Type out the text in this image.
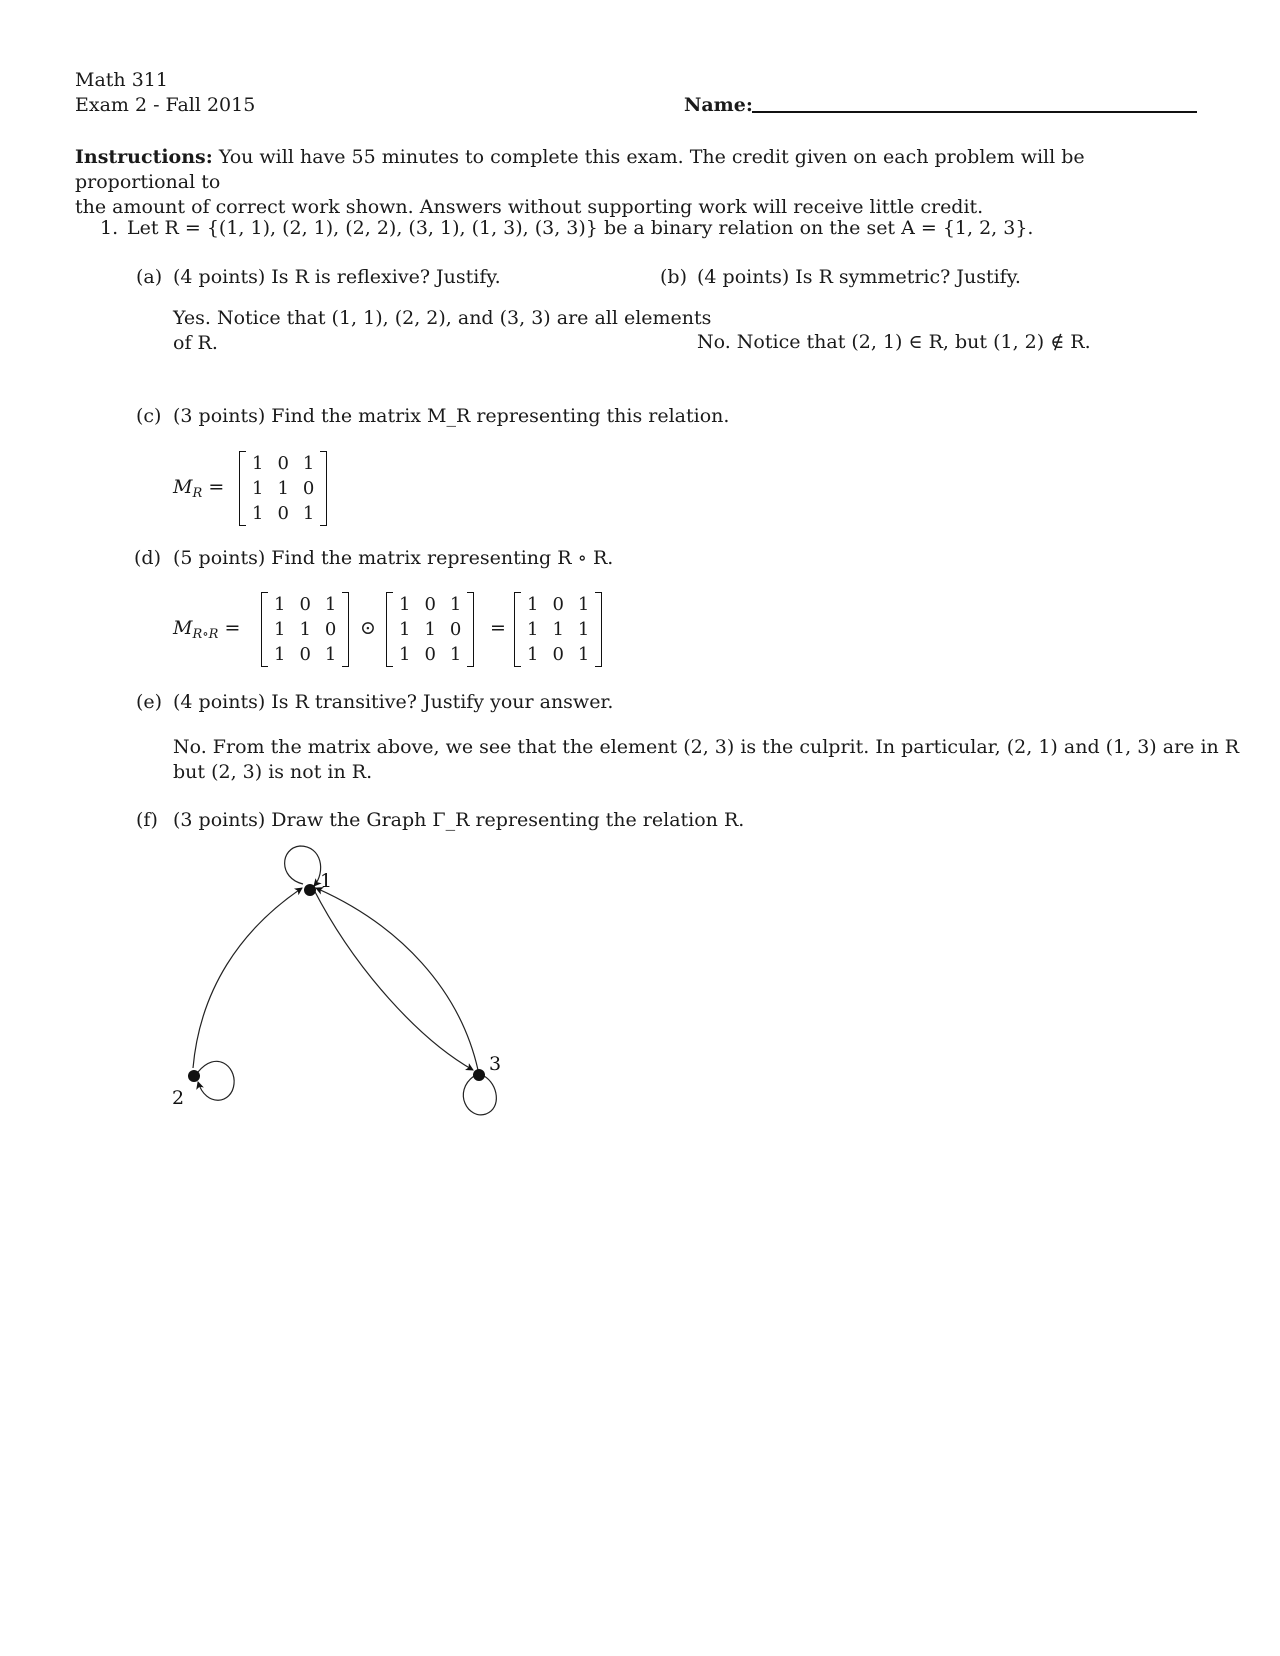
Math 311
Exam 2 - Fall 2015	Name:
Instructions: You will have 55 minutes to complete this exam. The credit given on each problem will be proportional to
the amount of correct work shown. Answers without supporting work will receive little credit.
1. Let R = {(1, 1), (2, 1), (2, 2), (3, 1), (1, 3), (3, 3)} be a binary relation on the set A = {1, 2, 3}.
(a) (4 points) Is R is reflexive? Justify.
Yes. Notice that (1, 1), (2, 2), and (3, 3) are all elements
of R.
(b) (4 points) Is R symmetric? Justify.
No. Notice that (2, 1) ∈ R, but (1, 2) ∉ R.
(c) (3 points) Find the matrix M_R representing this relation.
$M_R$ =
1	0	1
1	1	0
1	0	1
(d) (5 points) Find the matrix representing R ∘ R.
$M_{R\circ R}$ =
1	0	1
1	1	0
1	0	1
⊙
1	0	1
1	1	0
1	0	1
=
1	0	1
1	1	1
1	0	1
(e) (4 points) Is R transitive? Justify your answer.
No. From the matrix above, we see that the element (2, 3) is the culprit. In particular, (2, 1) and (1, 3) are in R
but (2, 3) is not in R.
(f) (3 points) Draw the Graph Γ_R representing the relation R.
1
2
3
